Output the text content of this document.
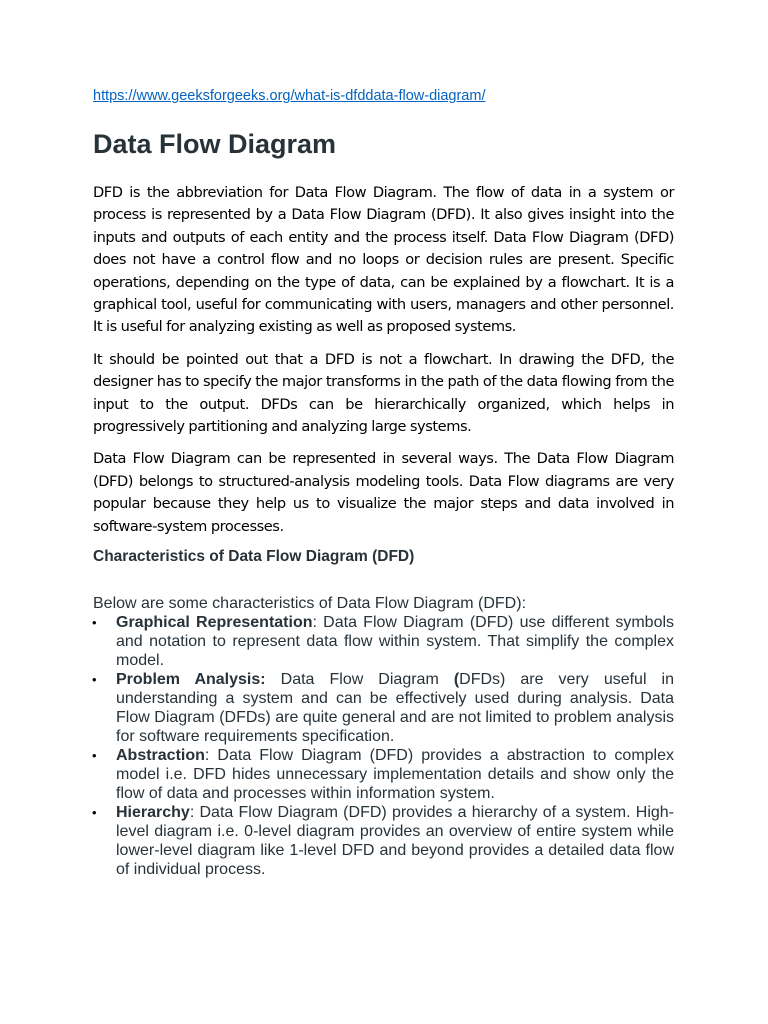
https://www.geeksforgeeks.org/what-is-dfddata-flow-diagram/
Data Flow Diagram

DFD is the abbreviation for Data Flow Diagram. The flow of data in a system or process is represented by a Data Flow Diagram (DFD). It also gives insight into the inputs and outputs of each entity and the process itself. Data Flow Diagram (DFD) does not have a control flow and no loops or decision rules are present. Specific operations, depending on the type of data, can be explained by a flowchart. It is a graphical tool, useful for communicating with users, managers and other personnel. It is useful for analyzing existing as well as proposed systems.

It should be pointed out that a DFD is not a flowchart. In drawing the DFD, the designer has to specify the major transforms in the path of the data flowing from the input to the output. DFDs can be hierarchically organized, which helps in progressively partitioning and analyzing large systems.

Data Flow Diagram can be represented in several ways. The Data Flow Diagram (DFD) belongs to structured-analysis modeling tools. Data Flow diagrams are very popular because they help us to visualize the major steps and data involved in software-system processes.

Characteristics of Data Flow Diagram (DFD)

Below are some characteristics of Data Flow Diagram (DFD):

• Graphical Representation: Data Flow Diagram (DFD) use different symbols and notation to represent data flow within system. That simplify the complex model.
• Problem Analysis: Data Flow Diagram (DFDs) are very useful in understanding a system and can be effectively used during analysis. Data Flow Diagram (DFDs) are quite general and are not limited to problem analysis for software requirements specification.
• Abstraction: Data Flow Diagram (DFD) provides a abstraction to complex model i.e. DFD hides unnecessary implementation details and show only the flow of data and processes within information system.
• Hierarchy: Data Flow Diagram (DFD) provides a hierarchy of a system. High- level diagram i.e. 0-level diagram provides an overview of entire system while lower-level diagram like 1-level DFD and beyond provides a detailed data flow of individual process.
